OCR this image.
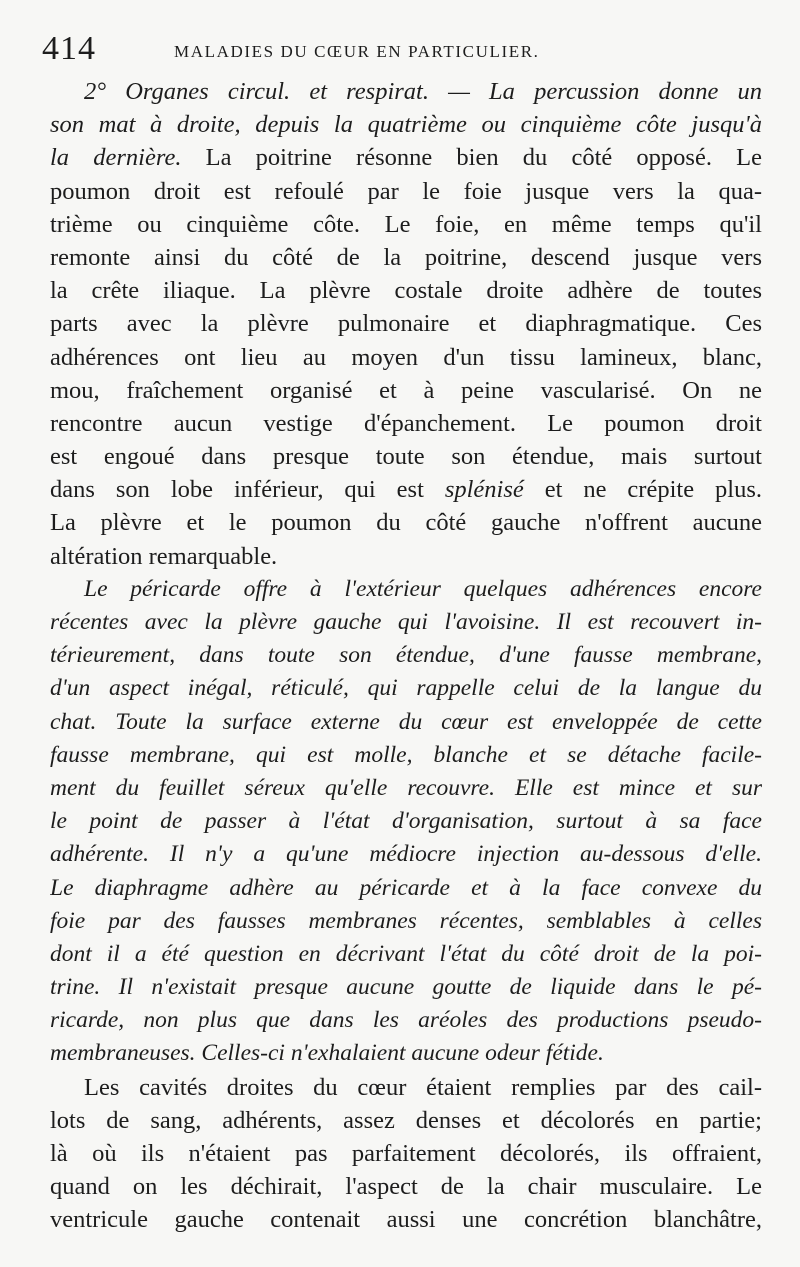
414	MALADIES DU CŒUR EN PARTICULIER.
2° Organes circul. et respirat. — La percussion donne un
son mat à droite, depuis la quatrième ou cinquième côte jusqu'à
la dernière. La poitrine résonne bien du côté opposé. Le
poumon droit est refoulé par le foie jusque vers la qua-
trième ou cinquième côte. Le foie, en même temps qu'il
remonte ainsi du côté de la poitrine, descend jusque vers
la crête iliaque. La plèvre costale droite adhère de toutes
parts avec la plèvre pulmonaire et diaphragmatique. Ces
adhérences ont lieu au moyen d'un tissu lamineux, blanc,
mou, fraîchement organisé et à peine vascularisé. On ne
rencontre aucun vestige d'épanchement. Le poumon droit
est engoué dans presque toute son étendue, mais surtout
dans son lobe inférieur, qui est splénisé et ne crépite plus.
La plèvre et le poumon du côté gauche n'offrent aucune
altération remarquable.
Le péricarde offre à l'extérieur quelques adhérences encore
récentes avec la plèvre gauche qui l'avoisine. Il est recouvert in-
térieurement, dans toute son étendue, d'une fausse membrane,
d'un aspect inégal, réticulé, qui rappelle celui de la langue du
chat. Toute la surface externe du cœur est enveloppée de cette
fausse membrane, qui est molle, blanche et se détache facile-
ment du feuillet séreux qu'elle recouvre. Elle est mince et sur
le point de passer à l'état d'organisation, surtout à sa face
adhérente. Il n'y a qu'une médiocre injection au-dessous d'elle.
Le diaphragme adhère au péricarde et à la face convexe du
foie par des fausses membranes récentes, semblables à celles
dont il a été question en décrivant l'état du côté droit de la poi-
trine. Il n'existait presque aucune goutte de liquide dans le pé-
ricarde, non plus que dans les aréoles des productions pseudo-
membraneuses. Celles-ci n'exhalaient aucune odeur fétide.
Les cavités droites du cœur étaient remplies par des cail-
lots de sang, adhérents, assez denses et décolorés en partie;
là où ils n'étaient pas parfaitement décolorés, ils offraient,
quand on les déchirait, l'aspect de la chair musculaire. Le
ventricule gauche contenait aussi une concrétion blanchâtre,
